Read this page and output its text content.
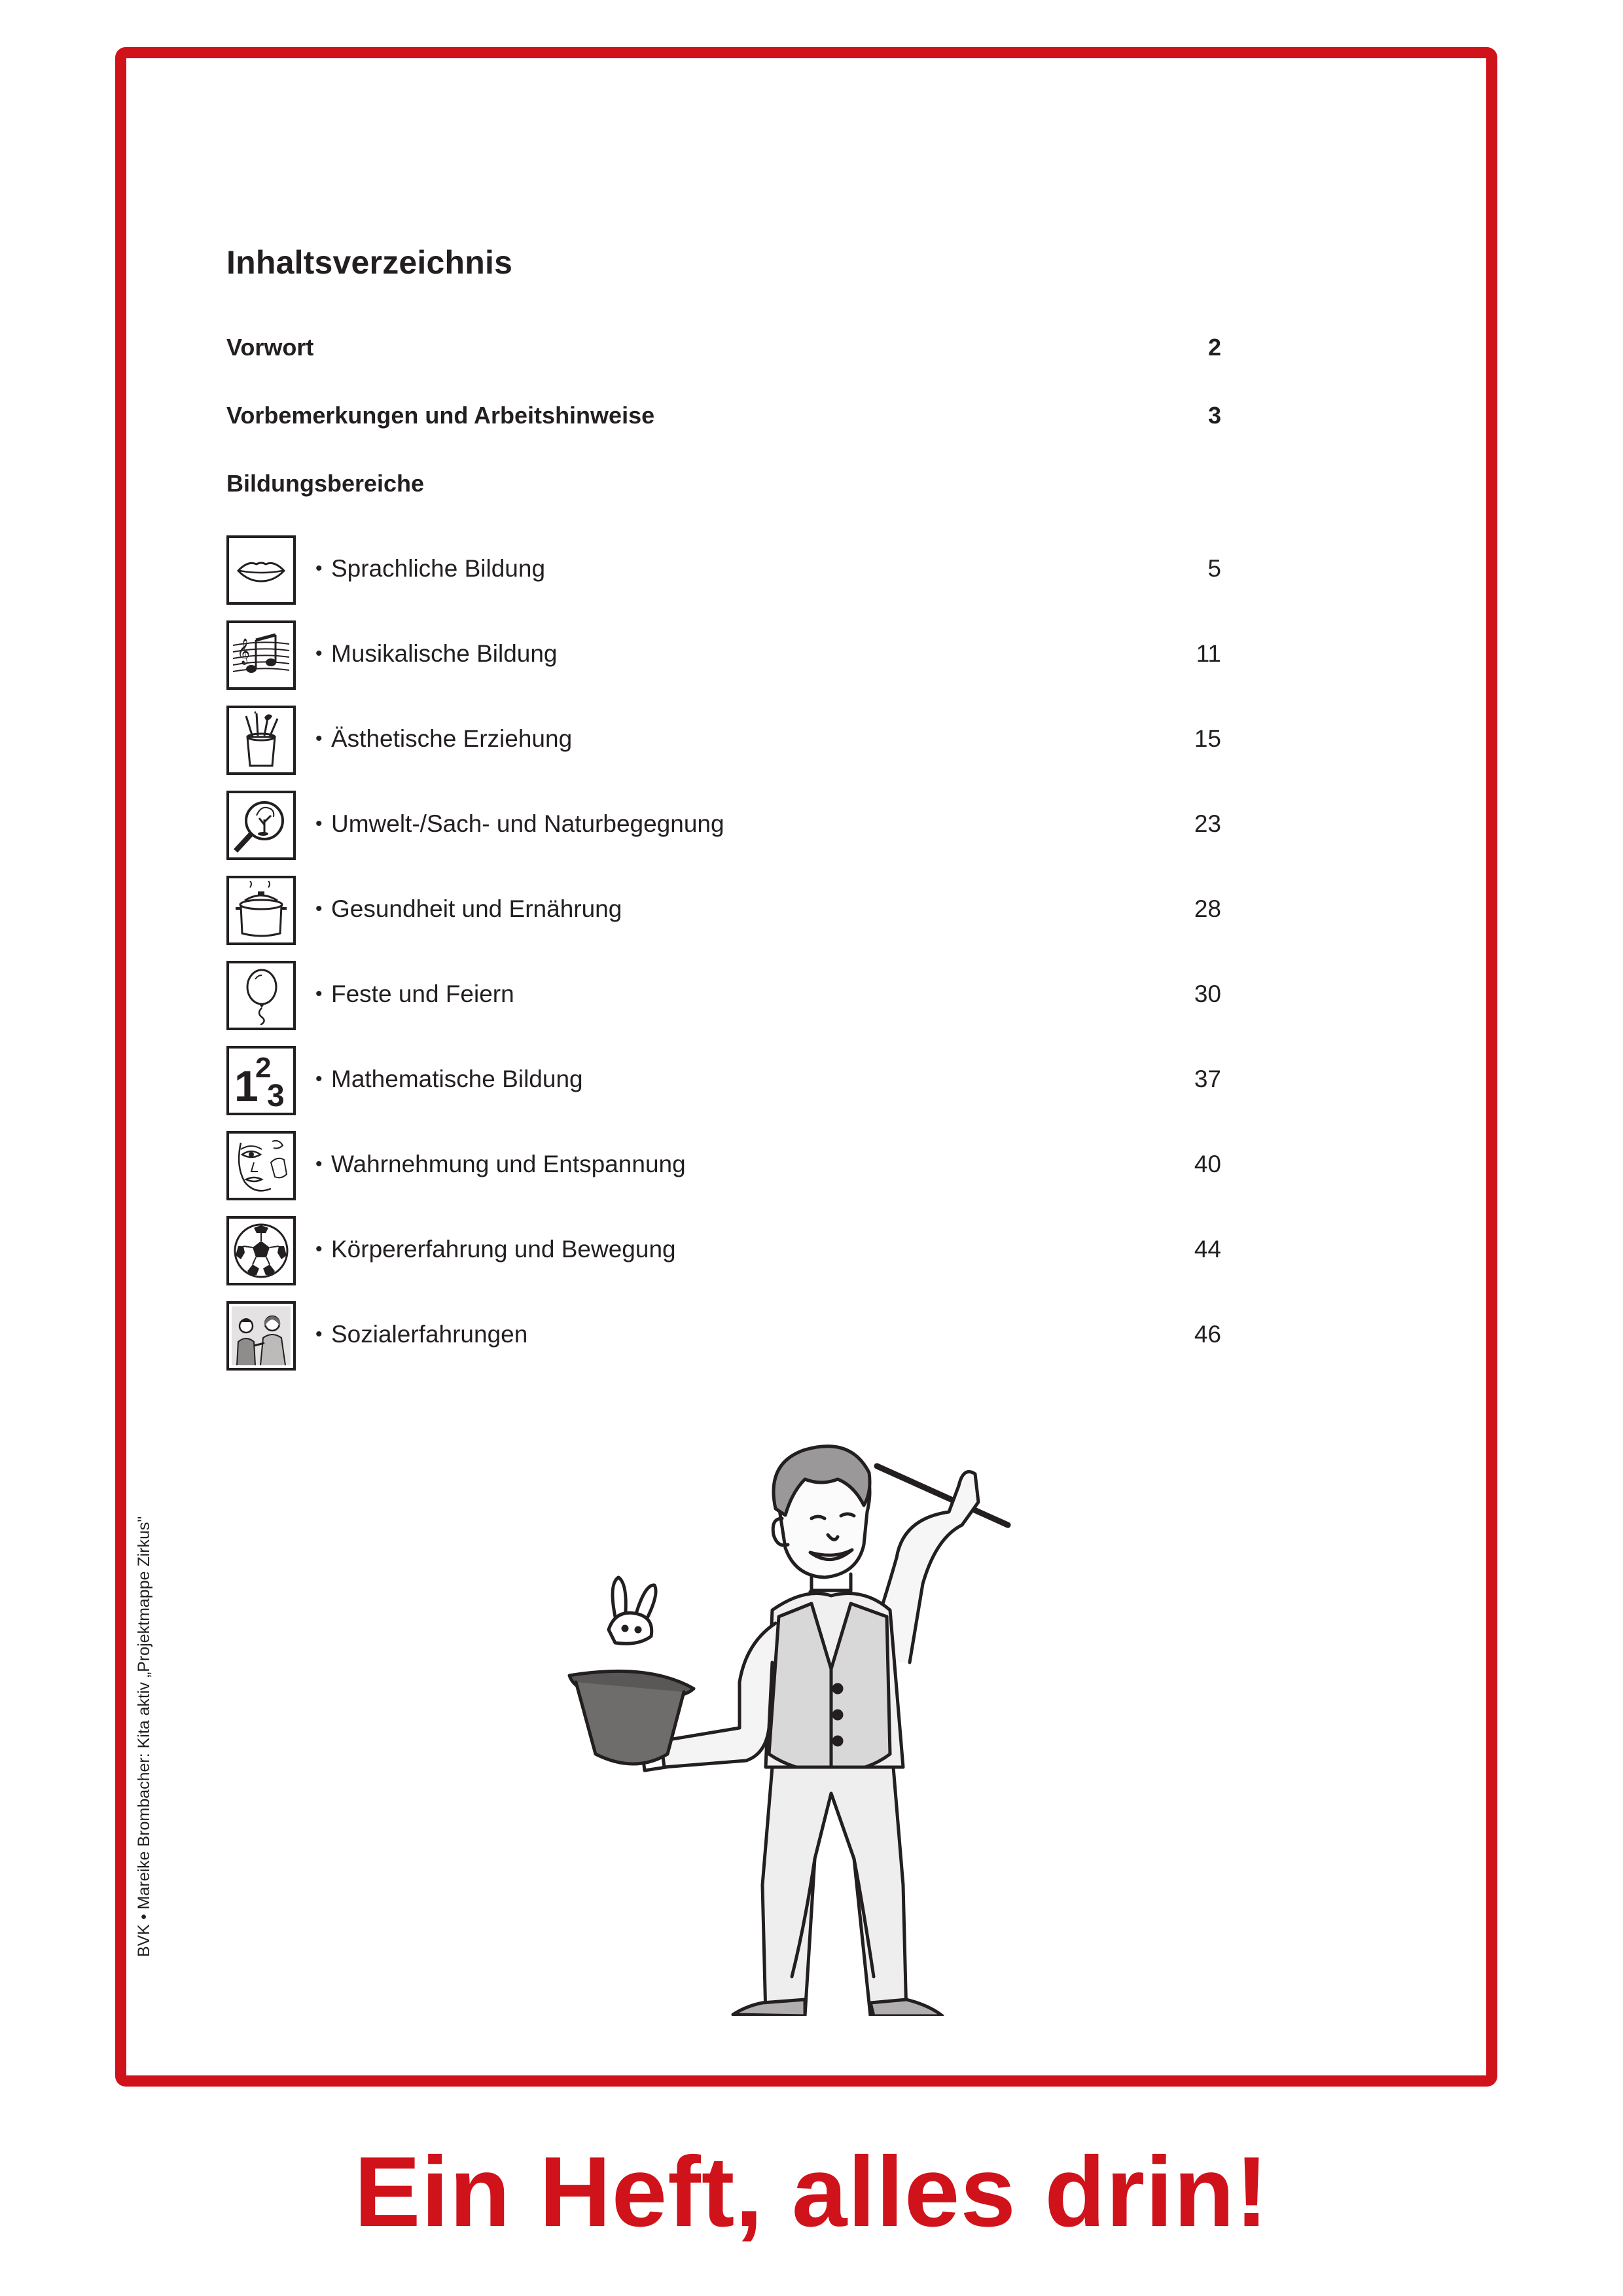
Inhaltsverzeichnis
Vorwort	2
Vorbemerkungen und Arbeitshinweise	3
Bildungsbereiche
• Sprachliche Bildung	5
𝄞	• Musikalische Bildung	11
• Ästhetische Erziehung	15
• Umwelt-/Sach- und Naturbegegnung	23
• Gesundheit und Ernährung	28
• Feste und Feiern	30
1
2
3 • Mathematische Bildung	37
• Wahrnehmung und Entspannung	40
• Körpererfahrung und Bewegung	44
• Sozialerfahrungen	46
BVK • Mareike Brombacher: Kita aktiv „Projektmappe Zirkus"
Ein Heft, alles drin!
